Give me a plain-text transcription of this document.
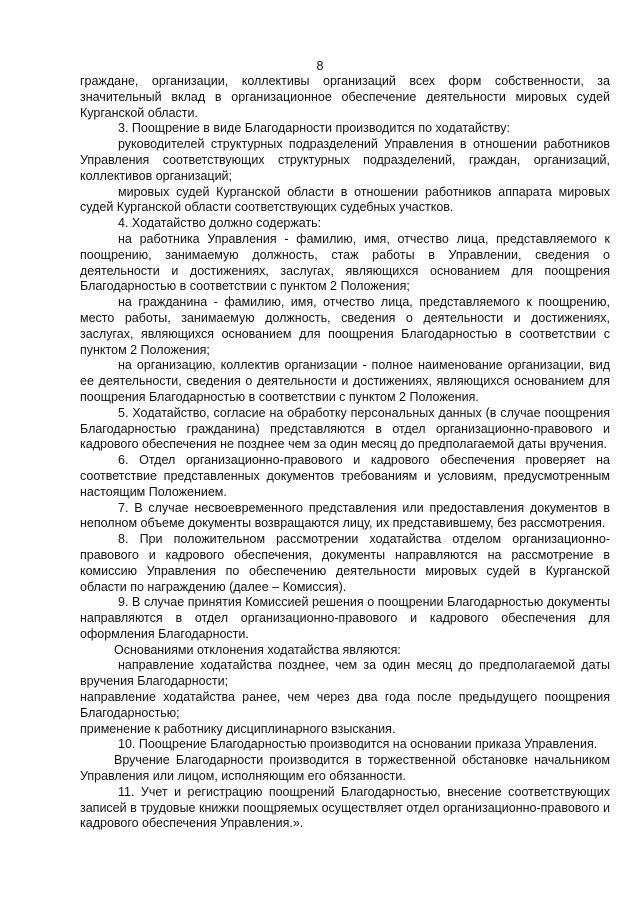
8

граждане, организации, коллективы организаций всех форм собственности, за значительный вклад в организационное обеспечение деятельности мировых судей Курганской области.

3. Поощрение в виде Благодарности производится по ходатайству:

руководителей структурных подразделений Управления в отношении работников Управления соответствующих структурных подразделений, граждан, организаций, коллективов организаций;

мировых судей Курганской области в отношении работников аппарата мировых судей Курганской области соответствующих судебных участков.

4. Ходатайство должно содержать:

на работника Управления - фамилию, имя, отчество лица, представляемого к поощрению, занимаемую должность, стаж работы в Управлении, сведения о деятельности и достижениях, заслугах, являющихся основанием для поощрения Благодарностью в соответствии с пунктом 2 Положения;

на гражданина - фамилию, имя, отчество лица, представляемого к поощрению, место работы, занимаемую должность, сведения о деятельности и достижениях, заслугах, являющихся основанием для поощрения Благодарностью в соответствии с пунктом 2 Положения;

на организацию, коллектив организации - полное наименование организации, вид ее деятельности, сведения о деятельности и достижениях, являющихся основанием для поощрения Благодарностью в соответствии с пунктом 2 Положения.

5. Ходатайство, согласие на обработку персональных данных (в случае поощрения Благодарностью гражданина) представляются в отдел организационно-правового и кадрового обеспечения не позднее чем за один месяц до предполагаемой даты вручения.

6. Отдел организационно-правового и кадрового обеспечения проверяет на соответствие представленных документов требованиям и условиям, предусмотренным настоящим Положением.

7. В случае несвоевременного представления или предоставления документов в неполном объеме документы возвращаются лицу, их представившему, без рассмотрения.

8. При положительном рассмотрении ходатайства отделом организационно-правового и кадрового обеспечения, документы направляются на рассмотрение в комиссию Управления по обеспечению деятельности мировых судей в Курганской области по награждению (далее – Комиссия).

9. В случае принятия Комиссией решения о поощрении Благодарностью документы направляются в отдел организационно-правового и кадрового обеспечения для оформления Благодарности.

Основаниями отклонения ходатайства являются:

направление ходатайства позднее, чем за один месяц до предполагаемой даты вручения Благодарности;

направление ходатайства ранее, чем через два года после предыдущего поощрения Благодарностью;

применение к работнику дисциплинарного взыскания.

10. Поощрение Благодарностью производится на основании приказа Управления.

Вручение Благодарности производится в торжественной обстановке начальником Управления или лицом, исполняющим его обязанности.

11. Учет и регистрацию поощрений Благодарностью, внесение соответствующих записей в трудовые книжки поощряемых осуществляет отдел организационно-правового и кадрового обеспечения Управления.».
